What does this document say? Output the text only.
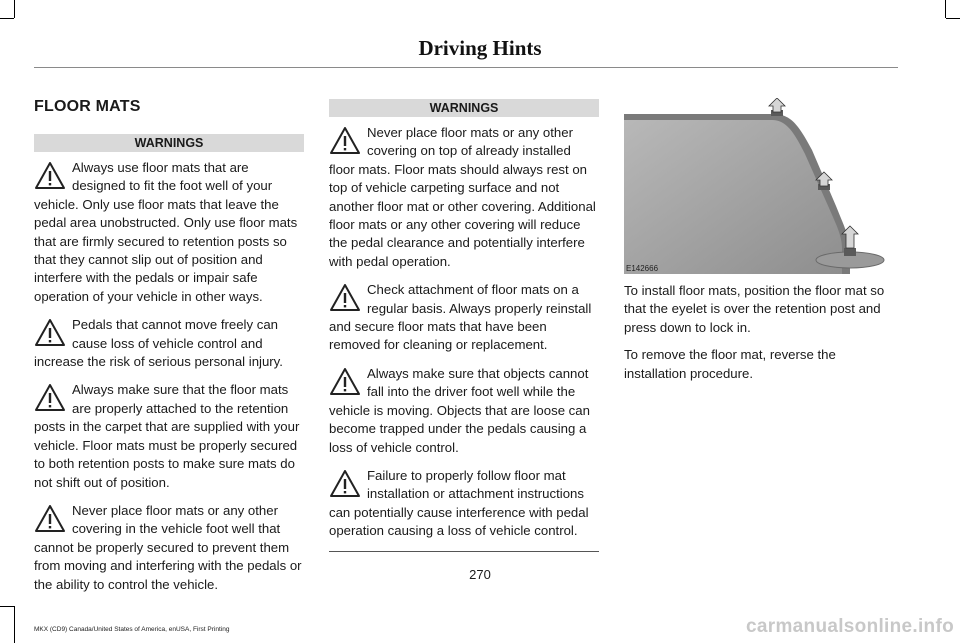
Driving Hints
FLOOR MATS
WARNINGS
Always use floor mats that are designed to fit the foot well of your vehicle. Only use floor mats that leave the pedal area unobstructed. Only use floor mats that are firmly secured to retention posts so that they cannot slip out of position and interfere with the pedals or impair safe operation of your vehicle in other ways.
Pedals that cannot move freely can cause loss of vehicle control and increase the risk of serious personal injury.
Always make sure that the floor mats are properly attached to the retention posts in the carpet that are supplied with your vehicle. Floor mats must be properly secured to both retention posts to make sure mats do not shift out of position.
Never place floor mats or any other covering in the vehicle foot well that cannot be properly secured to prevent them from moving and interfering with the pedals or the ability to control the vehicle.
WARNINGS
Never place floor mats or any other covering on top of already installed floor mats. Floor mats should always rest on top of vehicle carpeting surface and not another floor mat or other covering. Additional floor mats or any other covering will reduce the pedal clearance and potentially interfere with pedal operation.
Check attachment of floor mats on a regular basis. Always properly reinstall and secure floor mats that have been removed for cleaning or replacement.
Always make sure that objects cannot fall into the driver foot well while the vehicle is moving. Objects that are loose can become trapped under the pedals causing a loss of vehicle control.
Failure to properly follow floor mat installation or attachment instructions can potentially cause interference with pedal operation causing a loss of vehicle control.
E142666

To install floor mats, position the floor mat so that the eyelet is over the retention post and press down to lock in.

To remove the floor mat, reverse the installation procedure.

270
MKX (CD9) Canada/United States of America, enUSA, First Printing	carmanualsonline.info
